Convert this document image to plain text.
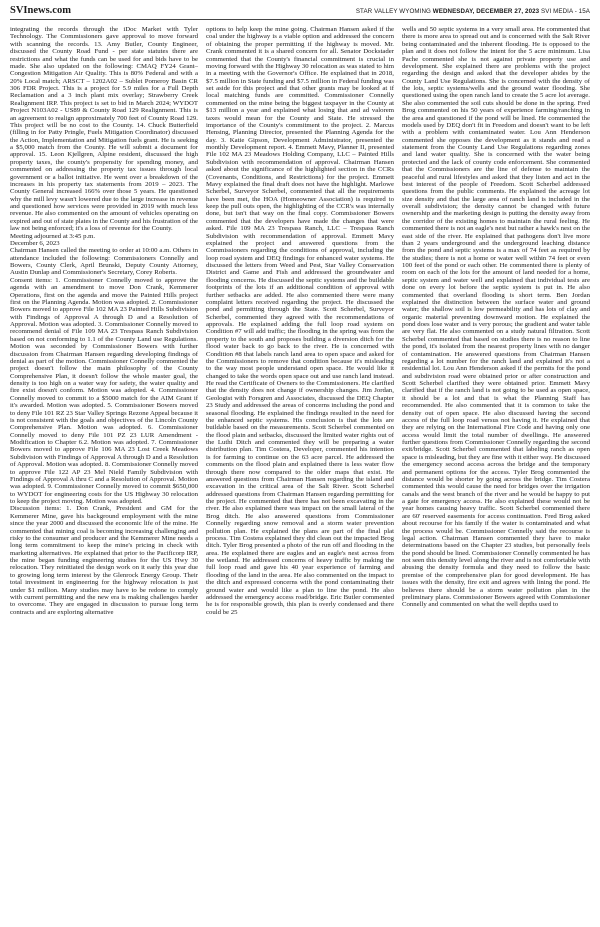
SVInews.com	STAR VALLEY WYOMING WEDNESDAY, DECEMBER 27, 2023 SVI MEDIA - 15A

integrating the records through the iDoc Market with Tyler Technology. The Commissioners gave approval to move forward with scanning the records. 13. Amy Butler, County Engineer, discussed the County Road Fund - per state statutes there are restrictions and what the funds can be used for and bids have to be made. She also updated on the following: CMAQ FY24 Grant– Congestion Mitigation Air Quality. This is 80% Federal and with a 20% Local match; ARSCT – 1202A02 – Sublet Pomeroy Basin CR 306 FDR Project. This is a project for 5.9 miles for a Full Depth Reclamation and a 3 inch plant mix overlay; Strawberry Creek Realignment IRP. This project is set to bid in March 2024; WYDOT Project N103A02 - US89 & County Road 129 Realignment. This is an agreement to realign approximately 700 feet of County Road 129. This project will be no cost to the County. 14. Chuck Butterfield (filling in for Patty Pringle, Fuels Mitigation Coordinator) discussed the Action, Implementation and Mitigation fuels grant. He is seeking a $5,000 match from the County. He will submit a document for approval. 15. Leon Kjellgren, Alpine resident, discussed the high property taxes, the county's propensity for spending money, and commented on addressing the property tax issues through local government or a ballot initiative. He went over a breakdown of the increases in his property tax statements from 2019 – 2023. The County General increased 166% over those 5 years. He questioned why the mill levy wasn't lowered due to the large increase in revenue and questioned how services were provided in 2019 with much less revenue. He also commented on the amount of vehicles operating on expired and out of state plates in the County and his frustration of the law not being enforced; it's a loss of revenue for the County.

Meeting adjourned at 3:45 p.m.

December 6, 2023

Chairman Hansen called the meeting to order at 10:00 a.m. Others in attendance included the following: Commissioners Connelly and Bowers, County Clerk, April Brunski, Deputy County Attorney, Austin Dunlap and Commissioner's Secretary, Corey Roberts.

Consent items: 1. Commissioner Connelly moved to approve the agenda with an amendment to move Don Crank, Kemmerer Operations, first on the agenda and move the Painted Hills project first on the Planning Agenda. Motion was adopted. 2. Commissioner Bowers moved to approve File 102 MA 23 Painted Hills Subdivision with Findings of Approval A through D and a Resolution of Approval. Motion was adopted. 3. Commissioner Connelly moved to recommend denial of File 109 MA 23 Trespass Ranch Subdivision based on not conforming to 1.1 of the County Land use Regulations. Motion was seconded by Commissioner Bowers with further discussion from Chairman Hansen regarding developing findings of denial as part of the motion. Commissioner Connelly commented the project doesn't follow the main philosophy of the County Comprehensive Plan, it doesn't follow the whole master goal, the density is too high on a water way for safety, the water quality and fire exist doesn't conform. Motion was adopted. 4. Commissioner Connelly moved to commit to a $5000 match for the AIM Grant if it's awarded. Motion was adopted. 5. Commissioner Bowers moved to deny File 101 RZ 23 Star Valley Springs Rezone Appeal because it is not consistent with the goals and objectives of the Lincoln County Comprehensive Plan. Motion was adopted. 6. Commissioner Connelly moved to deny File 101 PZ 23 LUR Amendment - Modification to Chapter 6.2. Motion was adopted. 7. Commissioner Bowers moved to approve File 106 MA 23 Lost Creek Meadows Subdivision with Findings of Approval A through D and a Resolution of Approval. Motion was adopted. 8. Commissioner Connelly moved to approve File 122 AP 23 Mel Nield Family Subdivision with Findings of Approval A thru C and a Resolution of Approval. Motion was adopted. 9. Commissioner Connelly moved to commit $650,000 to WYDOT for engineering costs for the US Highway 30 relocation to keep the project moving. Motion was adopted.

Discussion items: 1. Don Crank, President and GM for the Kemmerer Mine, gave his background employment with the mine since the year 2000 and discussed the economic life of the mine. He commented that mining coal is becoming increasing challenging and risky to the consumer and producer and the Kemmerer Mine needs a long term commitment to keep the mine's pricing in check with marketing alternatives. He explained that prior to the Pacificorp IRP, the mine began funding engineering studies for the US Hwy 30 relocation. They reinitiated the design work on it early this year due to growing long term interest by the Glenrock Energy Group. Their total investment in engineering for the highway relocation is just under $1 million. Many studies may have to be redone to comply with current permitting and the new era is making challenges harder to overcome. They are engaged in discussion to pursue long term contracts and are exploring alternative

options to help keep the mine going. Chairman Hansen asked if the coal under the highway is a viable option and addressed the concern of obtaining the proper permitting if the highway is moved. Mr. Crank commented it is a shared concern for all. Senator Dockstader commented that the County's financial commitment is crucial in moving forward with the Highway 30 relocation as was stated to him in a meeting with the Governor's Office. He explained that in 2018, $7.5 million in State funding and $7.5 million in Federal funding was set aside for this project and that other grants may be looked at if local matching funds are committed. Commissioner Connelly commented on the mine being the biggest taxpayer in the County at $13 million a year and explained what losing that and ad valorem taxes would mean for the County and State. He stressed the importance of the County's commitment to the project. 2. Marcus Hensing, Planning Director, presented the Planning Agenda for the day. 3. Katie Gipson, Development Administrator, presented the monthly Development report. 4. Emmett Mavy, Planner II, presented File 102 MA 23 Meadows Holding Company, LLC – Painted Hills Subdivision with recommendation of approval. Chairman Hansen asked about the significance of the highlighted section in the CCRs (Covenants, Conditions, and Restrictions) for the project. Emmett Mavy explained the final draft does not have the highlight. Marlowe Scherbel, Surveyor Scherbel, commented that all the requirements have been met, the HOA (Homeowner Association) is required to keep the pull outs open, the highlighting of the CCR's was internally done, but isn't that way on the final copy. Commissioner Bowers commented that the developers have made the changes that were asked. File 109 MA 23 Trespass Ranch, LLC – Trespass Ranch Subdivision with recommendation of approval. Emmett Mavy explained the project and answered questions from the Commissioners regarding the conditions of approval, including the loop road system and DEQ findings for enhanced water systems. He discussed the letters from Weed and Pest, Star Valley Conservation District and Game and Fish and addressed the groundwater and flooding concerns. He discussed the septic systems and the buildable footprints of the lots if an additional condition of approval with further setbacks are added. He also commented there were many complaint letters received regarding the project. He discussed the pond and permitting through the State. Scott Scherbel, Surveyor Scherbel, commented they agreed with the recommendations of approvals. He explained adding the full loop road system on Condition #7 will add traffic; the flooding in the spring was from the property to the south and proposes building a diversion ditch for the flood water back to go back to the river. He is concerned with Condition #8 that labels ranch land area to open space and asked for the Commissioners to remove that condition because it's misleading to the way most people understand open space. He would like it changed to take the words open space out and use ranch land instead. He read the Certificate of Owners to the Commissioners. He clarified that the density does not change if ownership changes. Jim Jordan, Geologist with Forsgren and Associates, discussed the DEQ Chapter 23 Study and addressed the areas of concerns including the pond and seasonal flooding. He explained the findings resulted in the need for the enhanced septic systems. His conclusion is that the lots are buildable based on the measurements. Scott Scherbel commented on the flood plain and setbacks, discussed the limited water rights out of the Luthi Ditch and commented they will be preparing a water distribution plan. Tim Costera, Developer, commented his intention is for farming to continue on the 63 acre parcel. He addressed the comments on the flood plain and explained there is less water flow through there now compared to the older maps that exist. He answered questions from Chairman Hansen regarding the island and excavation in the critical area of the Salt River. Scott Scherbel addressed questions from Chairman Hansen regarding permitting for the project. He commented that there has not been excavating in the river. He also explained there was impact on the small lateral of the Brog ditch. He also answered questions from Commissioner Connelly regarding snow removal and a storm water prevention pollution plan. He explained the plans are part of the final plat process. Tim Costera explained they did clean out the impacted Brog ditch. Tyler Brog presented a photo of the run off and flooding in the area. He explained there are eagles and an eagle's nest across from the wetland. He addressed concerns of heavy traffic by making the full loop road and gave his 40 year experience of farming and flooding of the land in the area. He also commented on the impact to the ditch and expressed concerns with the pond contaminating their ground water and would like a plan to line the pond. He also addressed the emergency access road/bridge. Eric Butler commented he is for responsible growth, this plan is overly condensed and there could be 25

wells and 50 septic systems in a very small area. He commented that there is more area to spread out and is concerned with the Salt River being contaminated and the inherent flooding. He is opposed to the plan and it does not follow the intent for the 5 acre minimum. Lisa Pache commented she is not against private property use and development. She explained there are problems with the project regarding the design and asked that the developer abides by the County Land Use Regulations. She is concerned with the density of the lots, septic systems/wells and the ground water flooding. She questioned using the open ranch land to create the 5 acre lot average. She also commented the soil cuts should be done in the spring. Fred Brog commented on his 50 years of experience farming/ranching in the area and questioned if the pond will be lined. He commented the models used by DEQ don't fit in Freedom and doesn't want to be left with a problem with contaminated water. Lou Ann Henderson commented she opposes the development as it stands and read a statement from the County Land Use Regulations regarding zones and land water quality. She is concerned with the water being protected and the lack of county code enforcement. She commented that the Commissioners are the line of defense to maintain the peaceful and rural lifestyles and asked that they listen and act in the best interest of the people of Freedom. Scott Scherbel addressed questions from the public comments. He explained the acreage lot size density and that the large area of ranch land is included in the overall subdivision; the density cannot be changed with future ownership and the marketing design is putting the density away from the corridor of the existing homes to maintain the rural feeling. He commented there is not an eagle's nest but rather a hawk's nest on the east side of the river. He explained that pathogens don't live more than 2 years underground and the underground leaching distance from the pond and septic systems is a max of 74 feet as required by the studies; there is not a home or water well within 74 feet or even 100 feet of the pond or each other. He commented there is plenty of room on each of the lots for the amount of land needed for a home, septic system and water well and explained that individual tests are done on every lot before the septic system is put in. He also commented that overland flooding is short term. Ben Jordan explained the distinction between the surface water and ground water; the shallow soil is low permeability and has lots of clay and organic material preventing downward motion. He explained the pond does lose water and is very porous; the gradient and water table are very flat. He also commented on a study natural filtration. Scott Scherbel commented that based on studies there is no reason to line the pond, it's isolated from the nearest property lines with no danger of contamination. He answered questions from Chairman Hansen regarding a lot number for the ranch land and explained it's not a residential lot. Lou Ann Henderson asked if the permits for the pond and subdivision road were obtained prior or after construction and Scott Scherbel clarified they were obtained prior. Emmett Mavy clarified that if the ranch land is not going to be used as open space, it should be a lot and that is what the Planning Staff has recommended. He also commented that it is common to take the density out of open space. He also discussed having the second access of the full loop road versus not having it. He explained that they are relying on the International Fire Code and having only one access would limit the total number of dwellings. He answered further questions from Commissioner Connelly regarding the second exit/bridge. Scott Scherbel commented that labeling ranch as open space is misleading, but they are fine with it either way. He discussed the emergency second access across the bridge and the temporary and permanent options for the access. Tyler Brog commented the distance would be shorter by going across the bridge. Tim Costera commented this would cause the need for bridges over the irrigation canals and the west branch of the river and he would be happy to put a gate for emergency access. He also explained these would not be year homes causing heavy traffic. Scott Scherbel commented there are 60' reserved easements for access continuation. Fred Brog asked about recourse for his family if the water is contaminated and what the process would be. Commissioner Connelly said the recourse is legal action. Chairman Hansen commented they have to make determinations based on the Chapter 23 studies, but personally feels the pond should be lined. Commissioner Connelly commented he has not seen this density level along the river and is not comfortable with abusing the density formula and they need to follow the basic premise of the comprehensive plan for good development. He has issues with the density, fire exit and agrees with lining the pond. He believes there should be a storm water pollution plan in the preliminary plans. Commissioner Bowers agreed with Commissioner Connelly and commented on what the well depths used to
